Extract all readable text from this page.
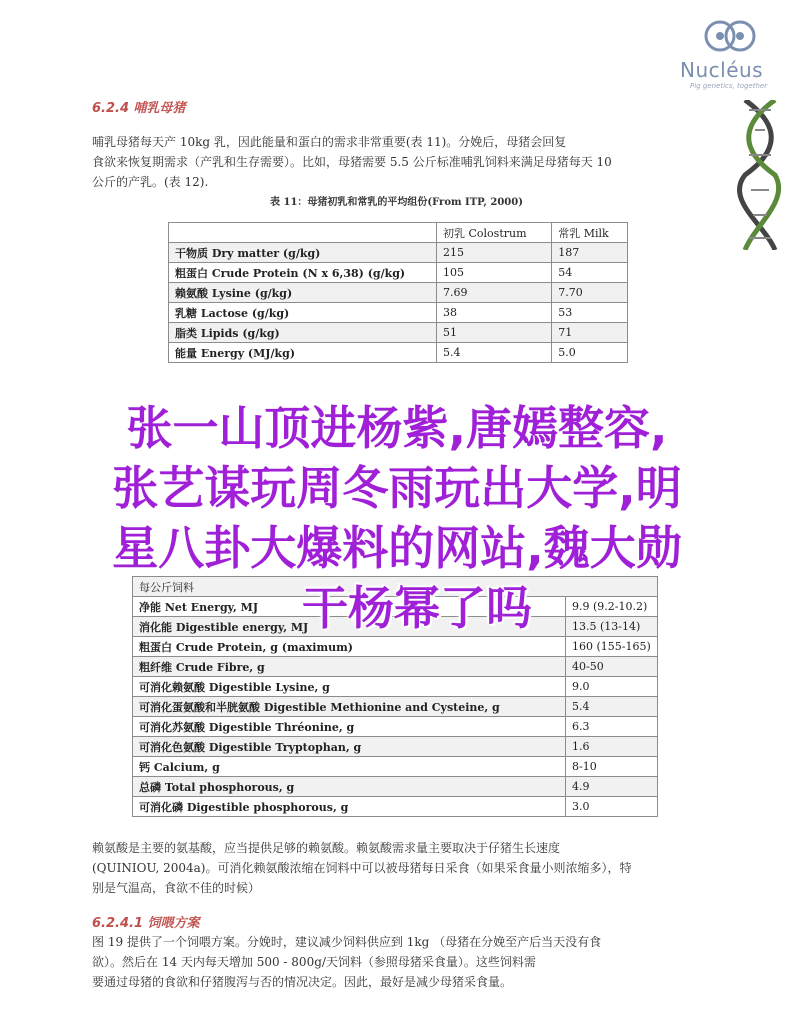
Nucléus
Pig genetics, together
6.2.4 哺乳母猪
哺乳母猪每天产 10kg 乳，因此能量和蛋白的需求非常重要(表 11)。分娩后，母猪会回复
食欲来恢复期需求（产乳和生存需要）。比如，母猪需要 5.5 公斤标准哺乳饲料来满足母猪每天 10
公斤的产乳。(表 12).
表 11：母猪初乳和常乳的平均组份(From ITP, 2000)
	初乳 Colostrum	常乳 Milk
干物质 Dry matter (g/kg)	215	187
粗蛋白 Crude Protein (N x 6,38) (g/kg)	105	54
赖氨酸 Lysine (g/kg)	7.69	7.70
乳糖 Lactose (g/kg)	38	53
脂类 Lipids (g/kg)	51	71
能量 Energy (MJ/kg)	5.4	5.0
每公斤饲料	
净能 Net Energy, MJ	9.9 (9.2-10.2)
消化能 Digestible energy, MJ	13.5 (13-14)
粗蛋白 Crude Protein, g (maximum)	160 (155-165)
粗纤维 Crude Fibre, g	40-50
可消化赖氨酸 Digestible Lysine, g	9.0
可消化蛋氨酸和半胱氨酸 Digestible Methionine and Cysteine, g	5.4
可消化苏氨酸 Digestible Thréonine, g	6.3
可消化色氨酸 Digestible Tryptophan, g	1.6
钙 Calcium, g	8-10
总磷 Total phosphorous, g	4.9
可消化磷 Digestible phosphorous, g	3.0
赖氨酸是主要的氨基酸，应当提供足够的赖氨酸。赖氨酸需求量主要取决于仔猪生长速度
(QUINIOU, 2004a)。可消化赖氨酸浓缩在饲料中可以被母猪每日采食（如果采食量小则浓缩多），特
别是气温高，食欲不佳的时候）
6.2.4.1 饲喂方案
图 19 提供了一个饲喂方案。分娩时，建议减少饲料供应到 1kg （母猪在分娩至产后当天没有食
欲）。然后在 14 天内每天增加 500 - 800g/天饲料（参照母猪采食量）。这些饲料需
要通过母猪的食欲和仔猪腹泻与否的情况决定。因此，最好是减少母猪采食量。
张一山顶进杨紫,唐嫣整容,
张艺谋玩周冬雨玩出大学,明
星八卦大爆料的网站,魏大勋
干杨幂了吗
